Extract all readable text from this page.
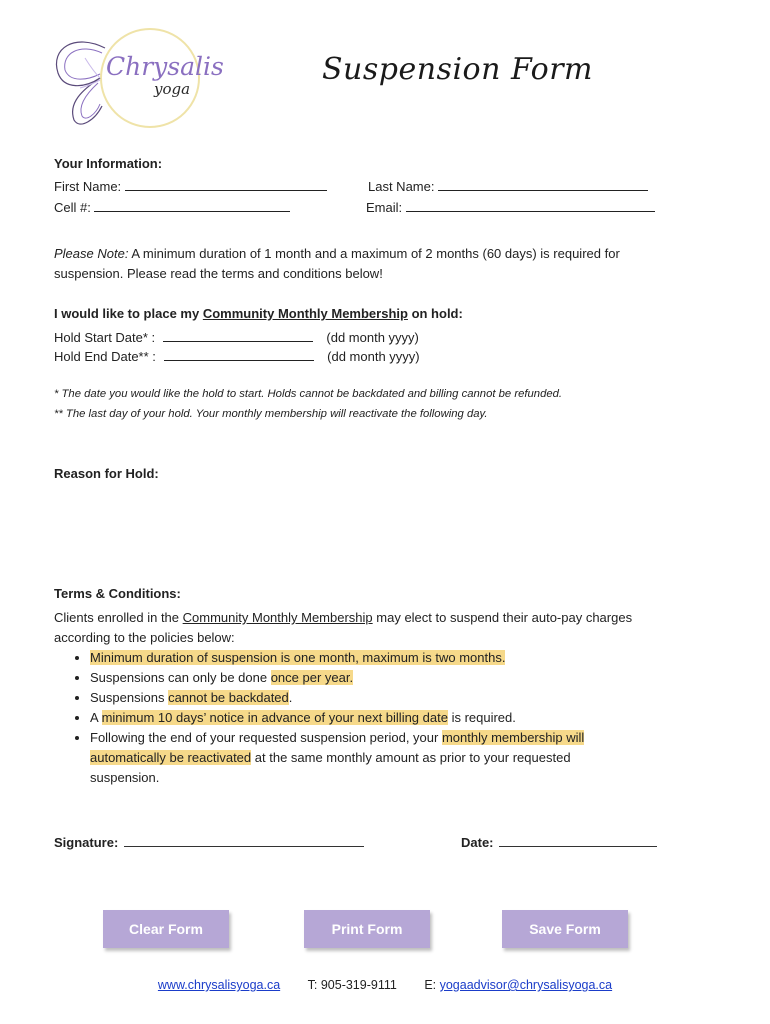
Chrysalis
yoga
Suspension Form
Your Information:
First Name:	Last Name:
Cell #:	Email:
Please Note: A minimum duration of 1 month and a maximum of 2 months (60 days) is required for
suspension. Please read the terms and conditions below!
I would like to place my Community Monthly Membership on hold:
Hold Start Date* :	(dd month yyyy)
Hold End Date** :	(dd month yyyy)
* The date you would like the hold to start. Holds cannot be backdated and billing cannot be refunded.
** The last day of your hold. Your monthly membership will reactivate the following day.
Reason for Hold:
Terms & Conditions:
Clients enrolled in the Community Monthly Membership may elect to suspend their auto-pay charges
according to the policies below:
• Minimum duration of suspension is one month, maximum is two months.
• Suspensions can only be done once per year.
• Suspensions cannot be backdated.
• A minimum 10 days’ notice in advance of your next billing date is required.
• Following the end of your requested suspension period, your monthly membership will
automatically be reactivated at the same monthly amount as prior to your requested
suspension.
Signature:	Date:
Clear Form	Print Form	Save Form
www.chrysalisyoga.ca T: 905-319-9111 E: yogaadvisor@chrysalisyoga.ca
